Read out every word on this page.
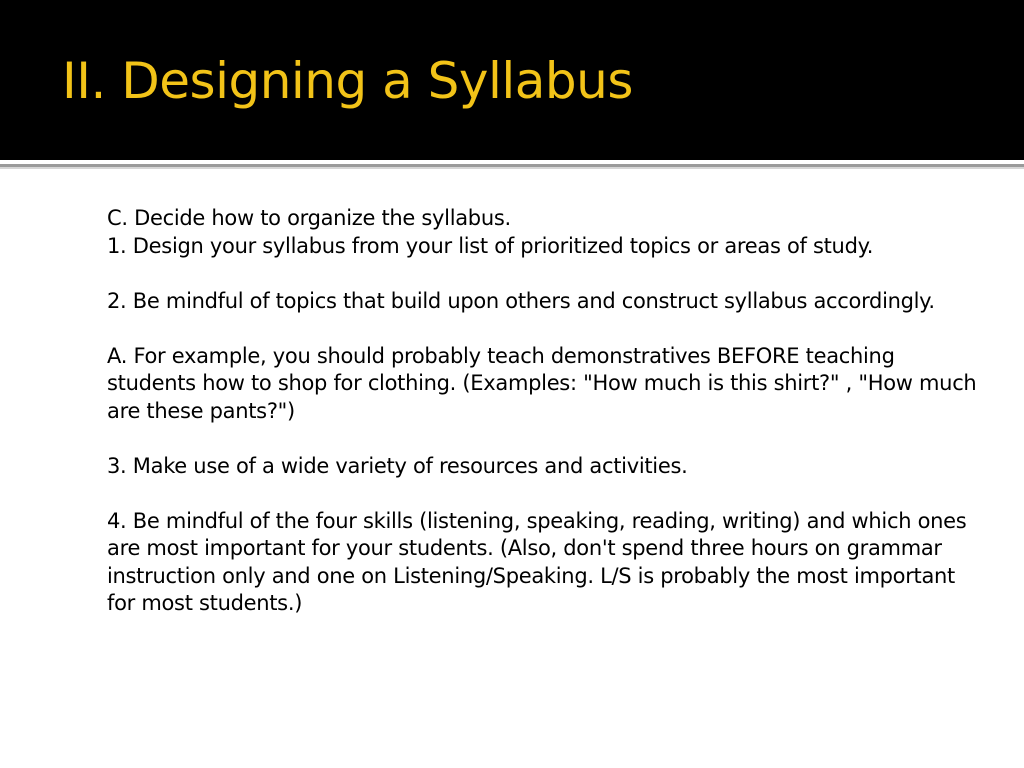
II. Designing a Syllabus

C. Decide how to organize the syllabus.

1. Design your syllabus from your list of prioritized topics or areas of study.

2. Be mindful of topics that build upon others and construct syllabus accordingly.

A. For example, you should probably teach demonstratives BEFORE teaching students how to shop for clothing. (Examples: "How much is this shirt?" , "How much are these pants?")

3. Make use of a wide variety of resources and activities.

4. Be mindful of the four skills (listening, speaking, reading, writing) and which ones are most important for your students. (Also, don't spend three hours on grammar instruction only and one on Listening/Speaking. L/S is probably the most important for most students.)
